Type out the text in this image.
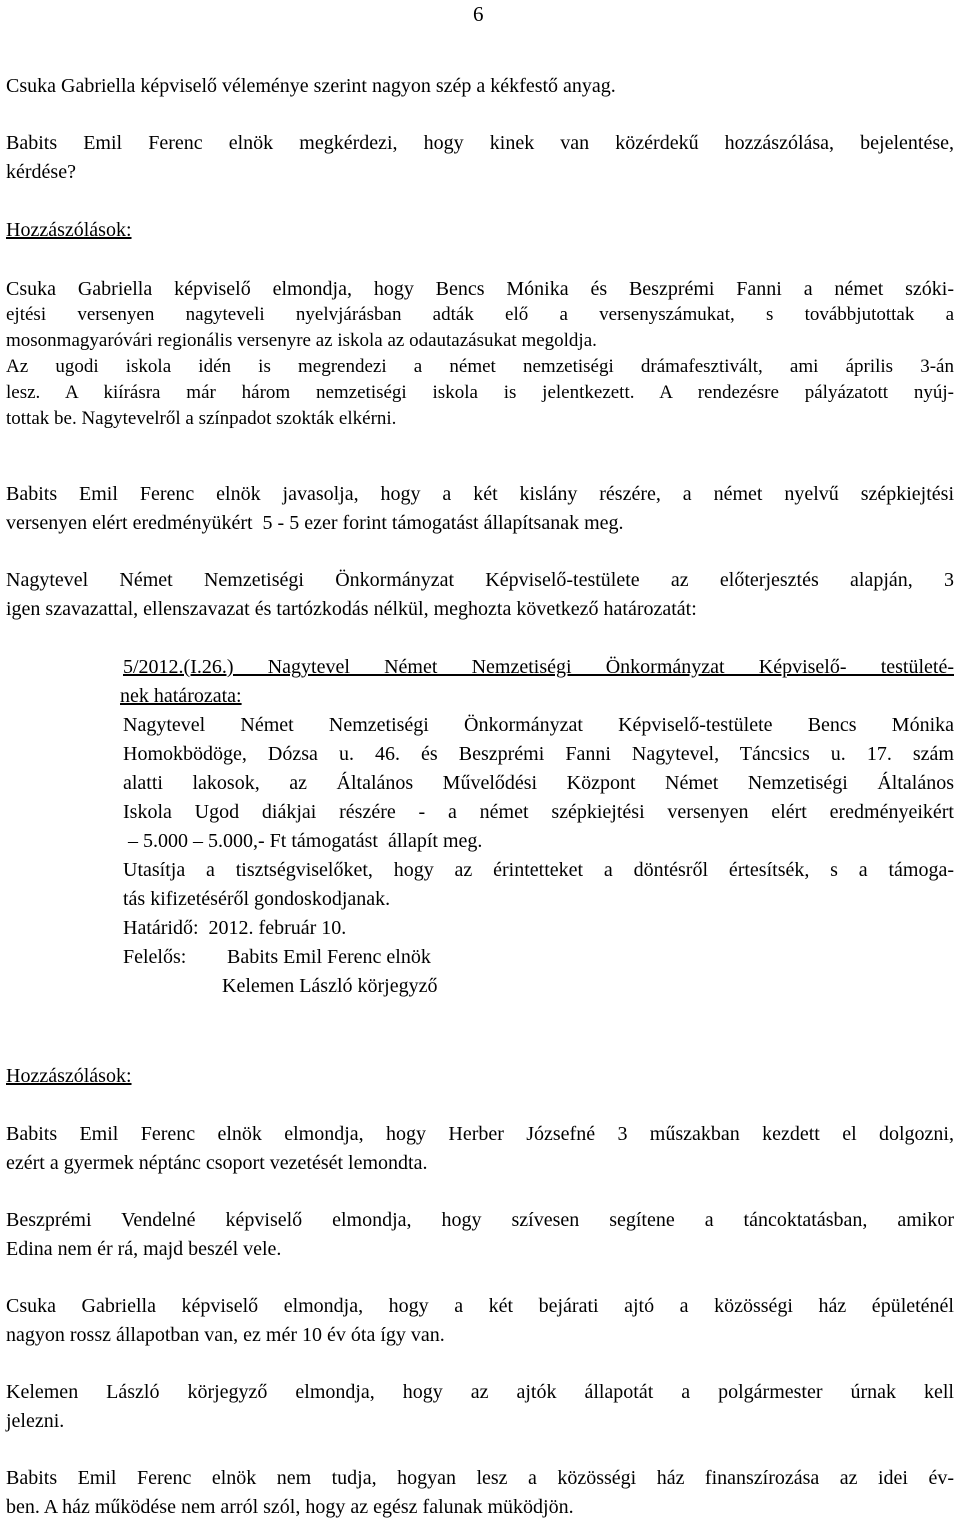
6

Csuka Gabriella képviselő véleménye szerint nagyon szép a kékfestő anyag.

Babits Emil Ferenc elnök megkérdezi, hogy kinek van közérdekű hozzászólása, bejelentése,
kérdése?

Hozzászólások:

Csuka Gabriella képviselő elmondja, hogy Bencs Mónika és Beszprémi Fanni a német szóki-
ejtési versenyen nagyteveli nyelvjárásban adták elő a versenyszámukat, s továbbjutottak a
mosonmagyaróvári regionális versenyre az iskola az odautazásukat megoldja.
Az ugodi iskola idén is megrendezi a német nemzetiségi drámafesztivált, ami április 3-án
lesz. A kiírásra már három nemzetiségi iskola is jelentkezett. A rendezésre pályázatott nyúj-
tottak be. Nagytevelről a színpadot szokták elkérni.

Babits Emil Ferenc elnök javasolja, hogy a két kislány részére, a német nyelvű szépkiejtési
versenyen elért eredményükért  5 - 5 ezer forint támogatást állapítsanak meg.

Nagytevel Német Nemzetiségi Önkormányzat Képviselő-testülete az előterjesztés alapján, 3
igen szavazattal, ellenszavazat és tartózkodás nélkül, meghozta következő határozatát:

5/2012.(I.26.) Nagytevel Német Nemzetiségi Önkormányzat Képviselő- testületé-
nek határozata:
Nagytevel Német Nemzetiségi Önkormányzat Képviselő-testülete Bencs Mónika
Homokbödöge, Dózsa u. 46. és Beszprémi Fanni Nagytevel, Táncsics u. 17. szám
alatti lakosok, az Általános Művelődési Központ Német Nemzetiségi Általános
Iskola Ugod diákjai részére - a német szépkiejtési versenyen elért eredményeikért
– 5.000 – 5.000,- Ft támogatást  állapít meg.
Utasítja a tisztségviselőket, hogy az érintetteket a döntésről értesítsék, s a támoga-
tás kifizetéséről gondoskodjanak.
Határidő:  2012. február 10.
Felelős: Babits Emil Ferenc elnök
Kelemen László körjegyző

Hozzászólások:

Babits Emil Ferenc elnök elmondja, hogy Herber Józsefné 3 műszakban kezdett el dolgozni,
ezért a gyermek néptánc csoport vezetését lemondta.

Beszprémi Vendelné képviselő elmondja, hogy szívesen segítene a táncoktatásban, amikor
Edina nem ér rá, majd beszél vele.

Csuka Gabriella képviselő elmondja, hogy a két bejárati ajtó a közösségi ház épületénél
nagyon rossz állapotban van, ez mér 10 év óta így van.

Kelemen László körjegyző elmondja, hogy az ajtók állapotát a polgármester úrnak kell
jelezni.

Babits Emil Ferenc elnök nem tudja, hogyan lesz a közösségi ház finanszírozása az idei év-
ben. A ház működése nem arról szól, hogy az egész falunak müködjön.
